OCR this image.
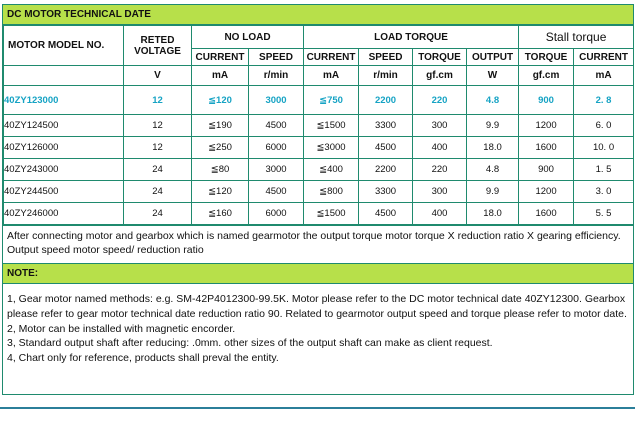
DC MOTOR TECHNICAL DATE
MOTOR MODEL NO.	RETED VOLTAGE	NO LOAD		LOAD TORQUE				Stall torque	
		CURRENT	SPEED	CURRENT	SPEED	TORQUE	OUTPUT	TORQUE	CURRENT
	V	mA	r/min	mA	r/min	gf.cm	W	gf.cm	mA
40ZY123000	12	≦120	3000	≦750	2200	220	4.8	900	2. 8
40ZY124500	12	≦190	4500	≦1500	3300	300	9.9	1200	6. 0
40ZY126000	12	≦250	6000	≦3000	4500	400	18.0	1600	10. 0
40ZY243000	24	≦80	3000	≦400	2200	220	4.8	900	1. 5
40ZY244500	24	≦120	4500	≦800	3300	300	9.9	1200	3. 0
40ZY246000	24	≦160	6000	≦1500	4500	400	18.0	1600	5. 5
After connecting motor and gearbox which is named gearmotor the output torque motor torque X reduction ratio X gearing efficiency. Output speed motor speed/ reduction ratio
NOTE:
1, Gear motor named methods: e.g. SM-42P4012300-99.5K. Motor please refer to the DC motor technical date 40ZY12300. Gearbox please refer to gear motor technical date reduction ratio 90. Related to gearmotor output speed and torque please refer to motor date.
2, Motor can be installed with magnetic encorder.
3, Standard output shaft after reducing: .0mm. other sizes of the output shaft can make as client request.
4, Chart only for reference, products shall preval the entity.
